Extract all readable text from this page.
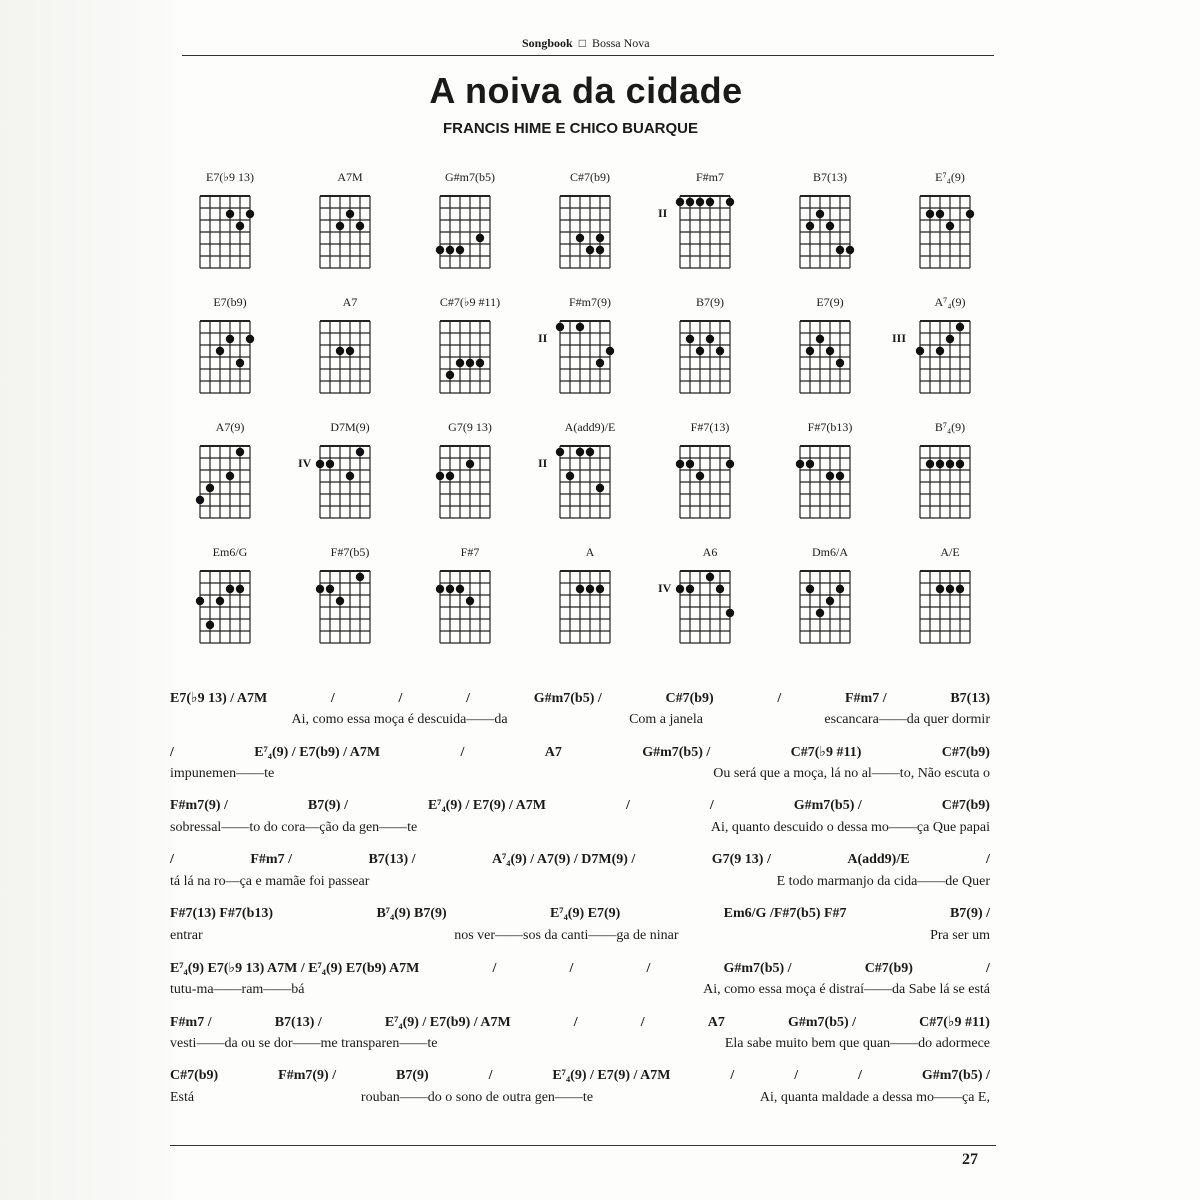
Songbook □ Bossa Nova
A noiva da cidade
FRANCIS HIME E CHICO BUARQUE
E7(♭9 13)	A7M	G#m7(b5)	C#7(b9)	F#m7
II
B7(13)	E⁷₄(9)
E7(b9)	A7	C#7(♭9 #11)	F#m7(9)
II
B7(9)	E7(9)	A⁷₄(9)
III
A7(9)	D7M(9)
IV
G7(9 13)	A(add9)/E
II
F#7(13)	F#7(b13)	B⁷₄(9)
Em6/G	F#7(b5)	F#7	A	A6
IV
Dm6/A	A/E
E7(♭9 13) / A7M	/	/	/	G#m7(b5) /	C#7(b9)	/	F#m7 /	B7(13)
Ai, como essa moça é descuida——da	Com a janela	escancara——da quer dormir
/	E⁷₄(9) / E7(b9) / A7M	/	A7	G#m7(b5) /	C#7(♭9 #11)	C#7(b9)
impunemen——te	Ou será que a moça, lá no al——to, Não escuta o
F#m7(9) /	B7(9) /	E⁷₄(9) / E7(9) / A7M	/	/	G#m7(b5) /	C#7(b9)
sobressal——to do cora—ção da gen——te	Ai, quanto descuido o dessa mo——ça Que papai
/	F#m7 /	B7(13) /	A⁷₄(9) / A7(9) / D7M(9) /	G7(9 13) /	A(add9)/E	/
tá lá na ro—ça e mamãe foi passear	E todo marmanjo da cida——de Quer
F#7(13) F#7(b13)	B⁷₄(9) B7(9)	E⁷₄(9) E7(9)	Em6/G /F#7(b5) F#7	B7(9) /
entrar	nos ver——sos da canti——ga de ninar	Pra ser um
E⁷₄(9) E7(♭9 13) A7M / E⁷₄(9) E7(b9) A7M	/	/	/	G#m7(b5) /	C#7(b9)	/
tutu-ma——ram——bá	Ai, como essa moça é distraí——da Sabe lá se está
F#m7 /	B7(13) /	E⁷₄(9) / E7(b9) / A7M	/	/	A7	G#m7(b5) /	C#7(♭9 #11)
vesti——da ou se dor——me transparen——te	Ela sabe muito bem que quan——do adormece
C#7(b9)	F#m7(9) /	B7(9)	/	E⁷₄(9) / E7(9) / A7M	/	/	/	G#m7(b5) /
Está	rouban——do o sono de outra gen——te	Ai, quanta maldade a dessa mo——ça E,
27
